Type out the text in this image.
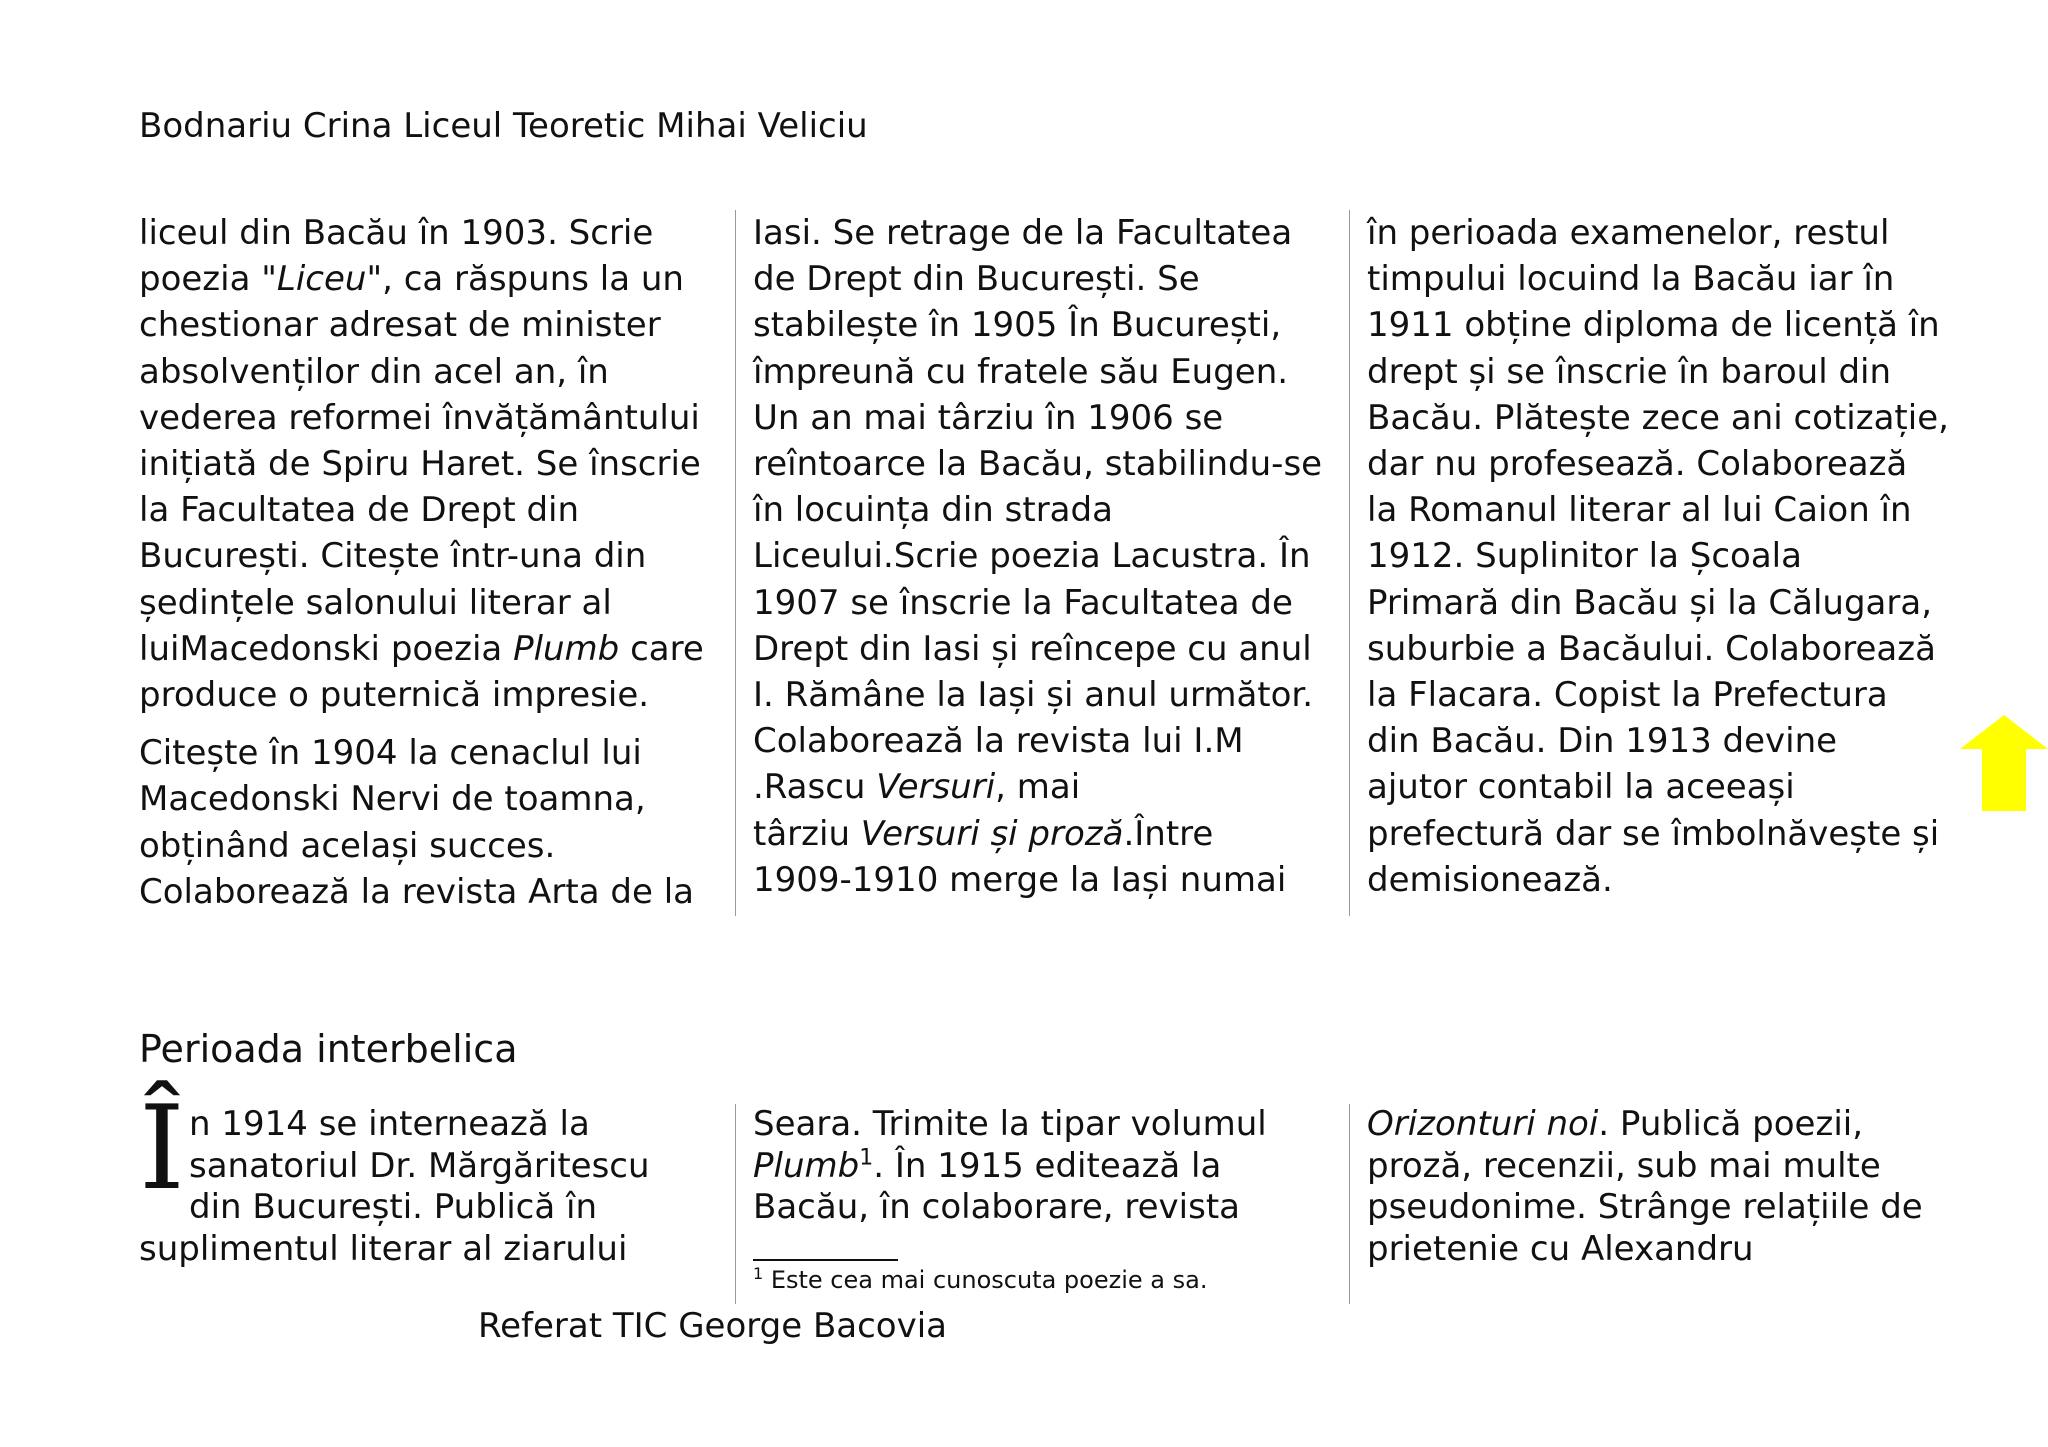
Bodnariu Crina Liceul Teoretic Mihai Veliciu

liceul din Bacău în 1903. Scrie
poezia "Liceu", ca răspuns la un
chestionar adresat de minister
absolvenților din acel an, în
vederea reformei învățământului
inițiată de Spiru Haret. Se înscrie
la Facultatea de Drept din
București. Citește într-una din
ședințele salonului literar al
luiMacedonski poezia Plumb care
produce o puternică impresie.

Citește în 1904 la cenaclul lui
Macedonski Nervi de toamna,
obținând același succes.
Colaborează la revista Arta de la

Iasi. Se retrage de la Facultatea
de Drept din București. Se
stabilește în 1905 În București,
împreună cu fratele său Eugen.
Un an mai târziu în 1906 se
reîntoarce la Bacău, stabilindu-se
în locuința din strada
Liceului.Scrie poezia Lacustra. În
1907 se înscrie la Facultatea de
Drept din Iasi și reîncepe cu anul
I. Rămâne la Iași și anul următor.
Colaborează la revista lui I.M
.Rascu Versuri, mai
târziu Versuri și proză.Între
1909-1910 merge la Iași numai

în perioada examenelor, restul
timpului locuind la Bacău iar în
1911 obține diploma de licență în
drept și se înscrie în baroul din
Bacău. Plătește zece ani cotizație,
dar nu profesează. Colaborează
la Romanul literar al lui Caion în
1912. Suplinitor la Școala
Primară din Bacău și la Călugara,
suburbie a Bacăului. Colaborează
la Flacara. Copist la Prefectura
din Bacău. Din 1913 devine
ajutor contabil la aceeași
prefectură dar se îmbolnăvește și
demisionează.

Perioada interbelica
Î n 1914 se internează la
sanatoriul Dr. Mărgăritescu
din București. Publică în
suplimentul literar al ziarului
Seara. Trimite la tipar volumul
Plumb$^1$. În 1915 editează la
Bacău, în colaborare, revista
$^1$ Este cea mai cunoscuta poezie a sa.
Orizonturi noi. Publică poezii,
proză, recenzii, sub mai multe
pseudonime. Strânge relațiile de
prietenie cu Alexandru
Referat TIC George Bacovia
